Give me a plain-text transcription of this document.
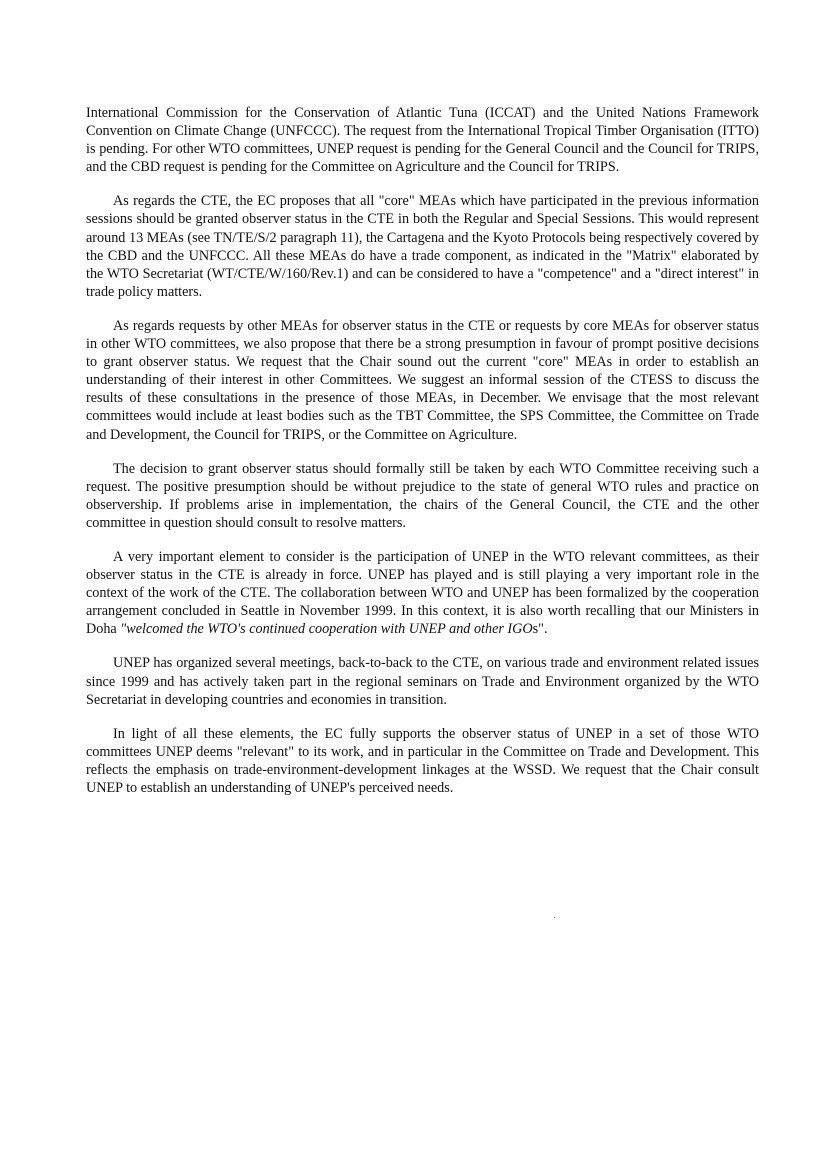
International Commission for the Conservation of Atlantic Tuna (ICCAT) and the United Nations Framework Convention on Climate Change (UNFCCC). The request from the International Tropical Timber Organisation (ITTO) is pending. For other WTO committees, UNEP request is pending for the General Council and the Council for TRIPS, and the CBD request is pending for the Committee on Agriculture and the Council for TRIPS.

As regards the CTE, the EC proposes that all "core" MEAs which have participated in the previous information sessions should be granted observer status in the CTE in both the Regular and Special Sessions. This would represent around 13 MEAs (see TN/TE/S/2 paragraph 11), the Cartagena and the Kyoto Protocols being respectively covered by the CBD and the UNFCCC. All these MEAs do have a trade component, as indicated in the "Matrix" elaborated by the WTO Secretariat (WT/CTE/W/160/Rev.1) and can be considered to have a "competence" and a "direct interest" in trade policy matters.

As regards requests by other MEAs for observer status in the CTE or requests by core MEAs for observer status in other WTO committees, we also propose that there be a strong presumption in favour of prompt positive decisions to grant observer status. We request that the Chair sound out the current "core" MEAs in order to establish an understanding of their interest in other Committees. We suggest an informal session of the CTESS to discuss the results of these consultations in the presence of those MEAs, in December. We envisage that the most relevant committees would include at least bodies such as the TBT Committee, the SPS Committee, the Committee on Trade and Development, the Council for TRIPS, or the Committee on Agriculture.

The decision to grant observer status should formally still be taken by each WTO Committee receiving such a request. The positive presumption should be without prejudice to the state of general WTO rules and practice on observership. If problems arise in implementation, the chairs of the General Council, the CTE and the other committee in question should consult to resolve matters.

A very important element to consider is the participation of UNEP in the WTO relevant committees, as their observer status in the CTE is already in force. UNEP has played and is still playing a very important role in the context of the work of the CTE. The collaboration between WTO and UNEP has been formalized by the cooperation arrangement concluded in Seattle in November 1999. In this context, it is also worth recalling that our Ministers in Doha "welcomed the WTO's continued cooperation with UNEP and other IGOs".

UNEP has organized several meetings, back-to-back to the CTE, on various trade and environment related issues since 1999 and has actively taken part in the regional seminars on Trade and Environment organized by the WTO Secretariat in developing countries and economies in transition.

In light of all these elements, the EC fully supports the observer status of UNEP in a set of those WTO committees UNEP deems "relevant" to its work, and in particular in the Committee on Trade and Development. This reflects the emphasis on trade-environment-development linkages at the WSSD. We request that the Chair consult UNEP to establish an understanding of UNEP's perceived needs.
